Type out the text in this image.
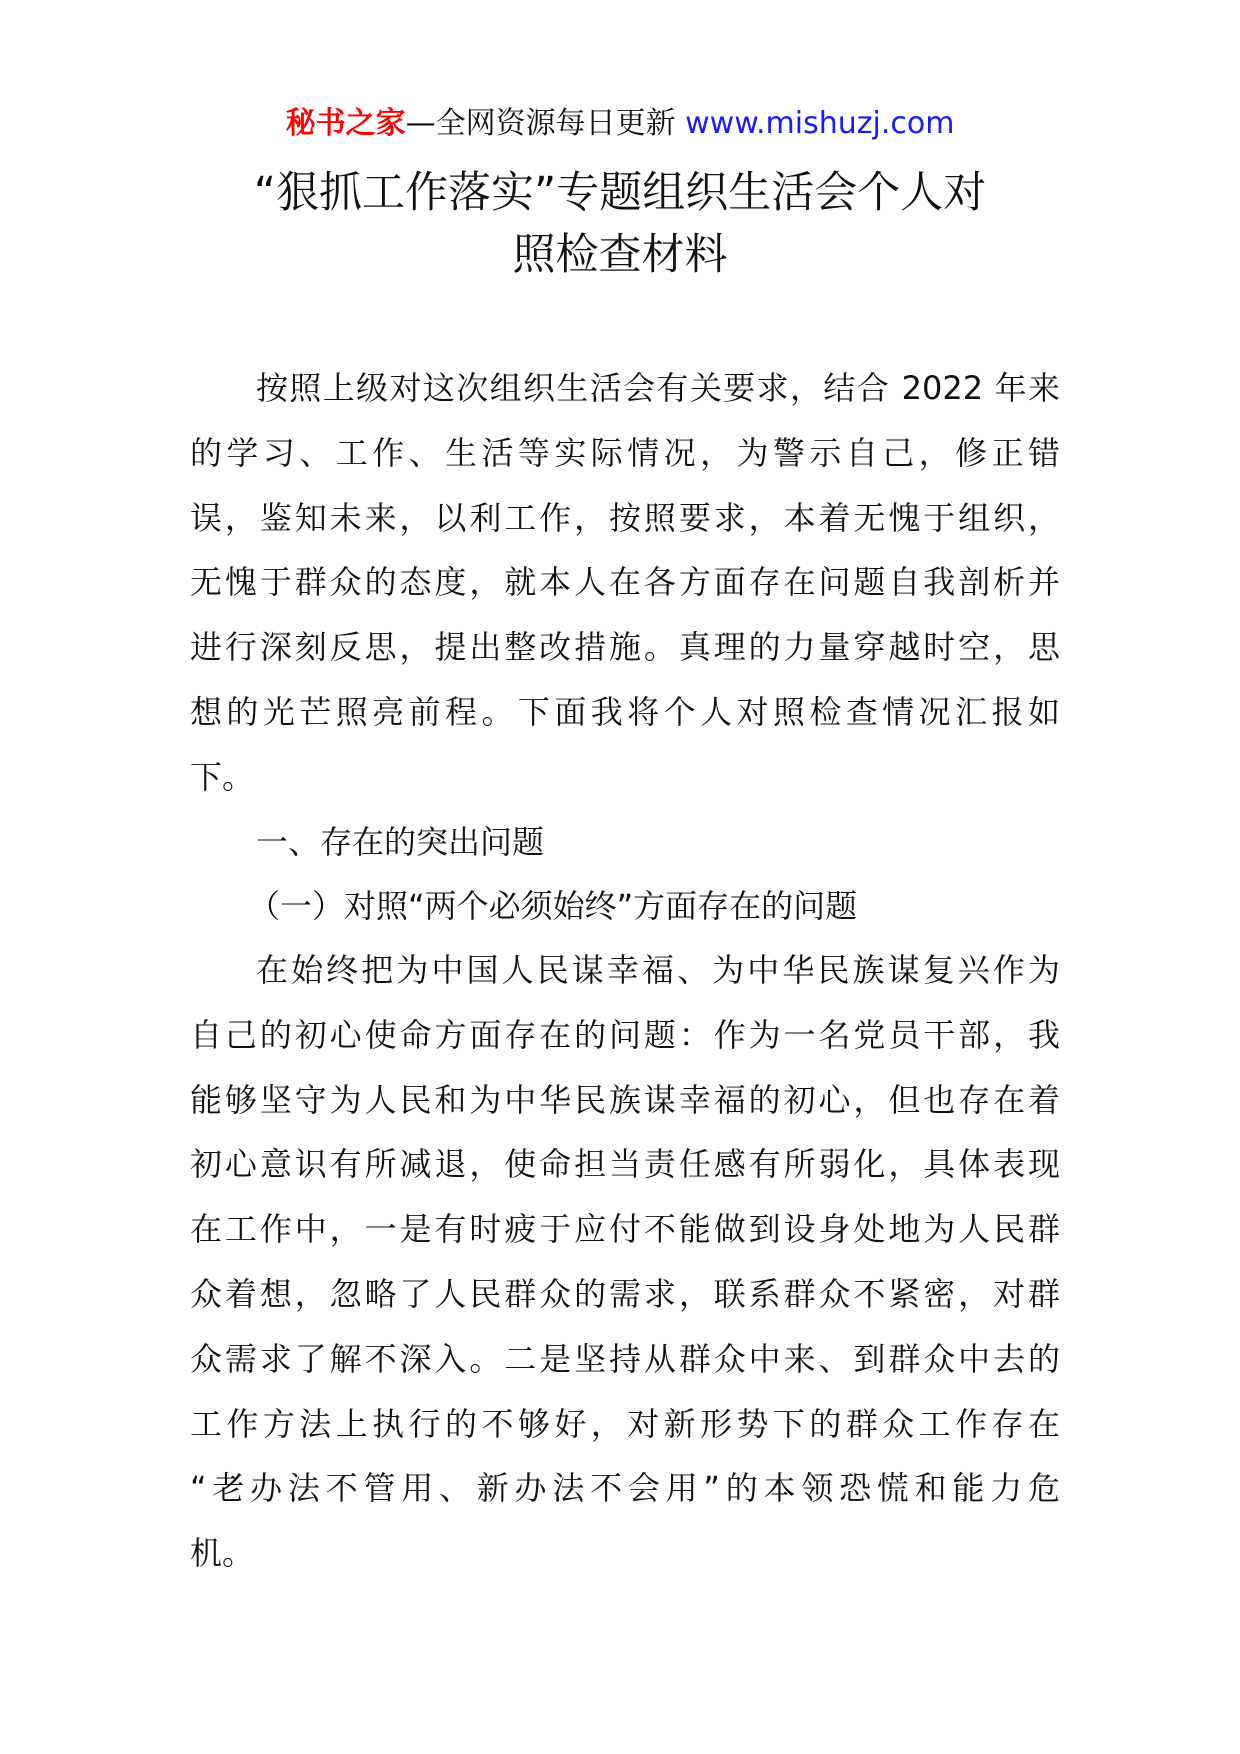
秘书之家—全网资源每日更新 www.mishuzj.com
“狠抓工作落实”专题组织生活会个人对
照检查材料
按照上级对这次组织生活会有关要求，结合 2022 年来
的学习、工作、生活等实际情况，为警示自己，修正错
误，鉴知未来，以利工作，按照要求，本着无愧于组织，
无愧于群众的态度，就本人在各方面存在问题自我剖析并
进行深刻反思，提出整改措施。真理的力量穿越时空，思
想的光芒照亮前程。下面我将个人对照检查情况汇报如
下。
一、存在的突出问题
（一）对照“两个必须始终”方面存在的问题
在始终把为中国人民谋幸福、为中华民族谋复兴作为
自己的初心使命方面存在的问题：作为一名党员干部，我
能够坚守为人民和为中华民族谋幸福的初心，但也存在着
初心意识有所减退，使命担当责任感有所弱化，具体表现
在工作中，一是有时疲于应付不能做到设身处地为人民群
众着想，忽略了人民群众的需求，联系群众不紧密，对群
众需求了解不深入。二是坚持从群众中来、到群众中去的
工作方法上执行的不够好，对新形势下的群众工作存在
“老办法不管用、新办法不会用”的本领恐慌和能力危
机。
